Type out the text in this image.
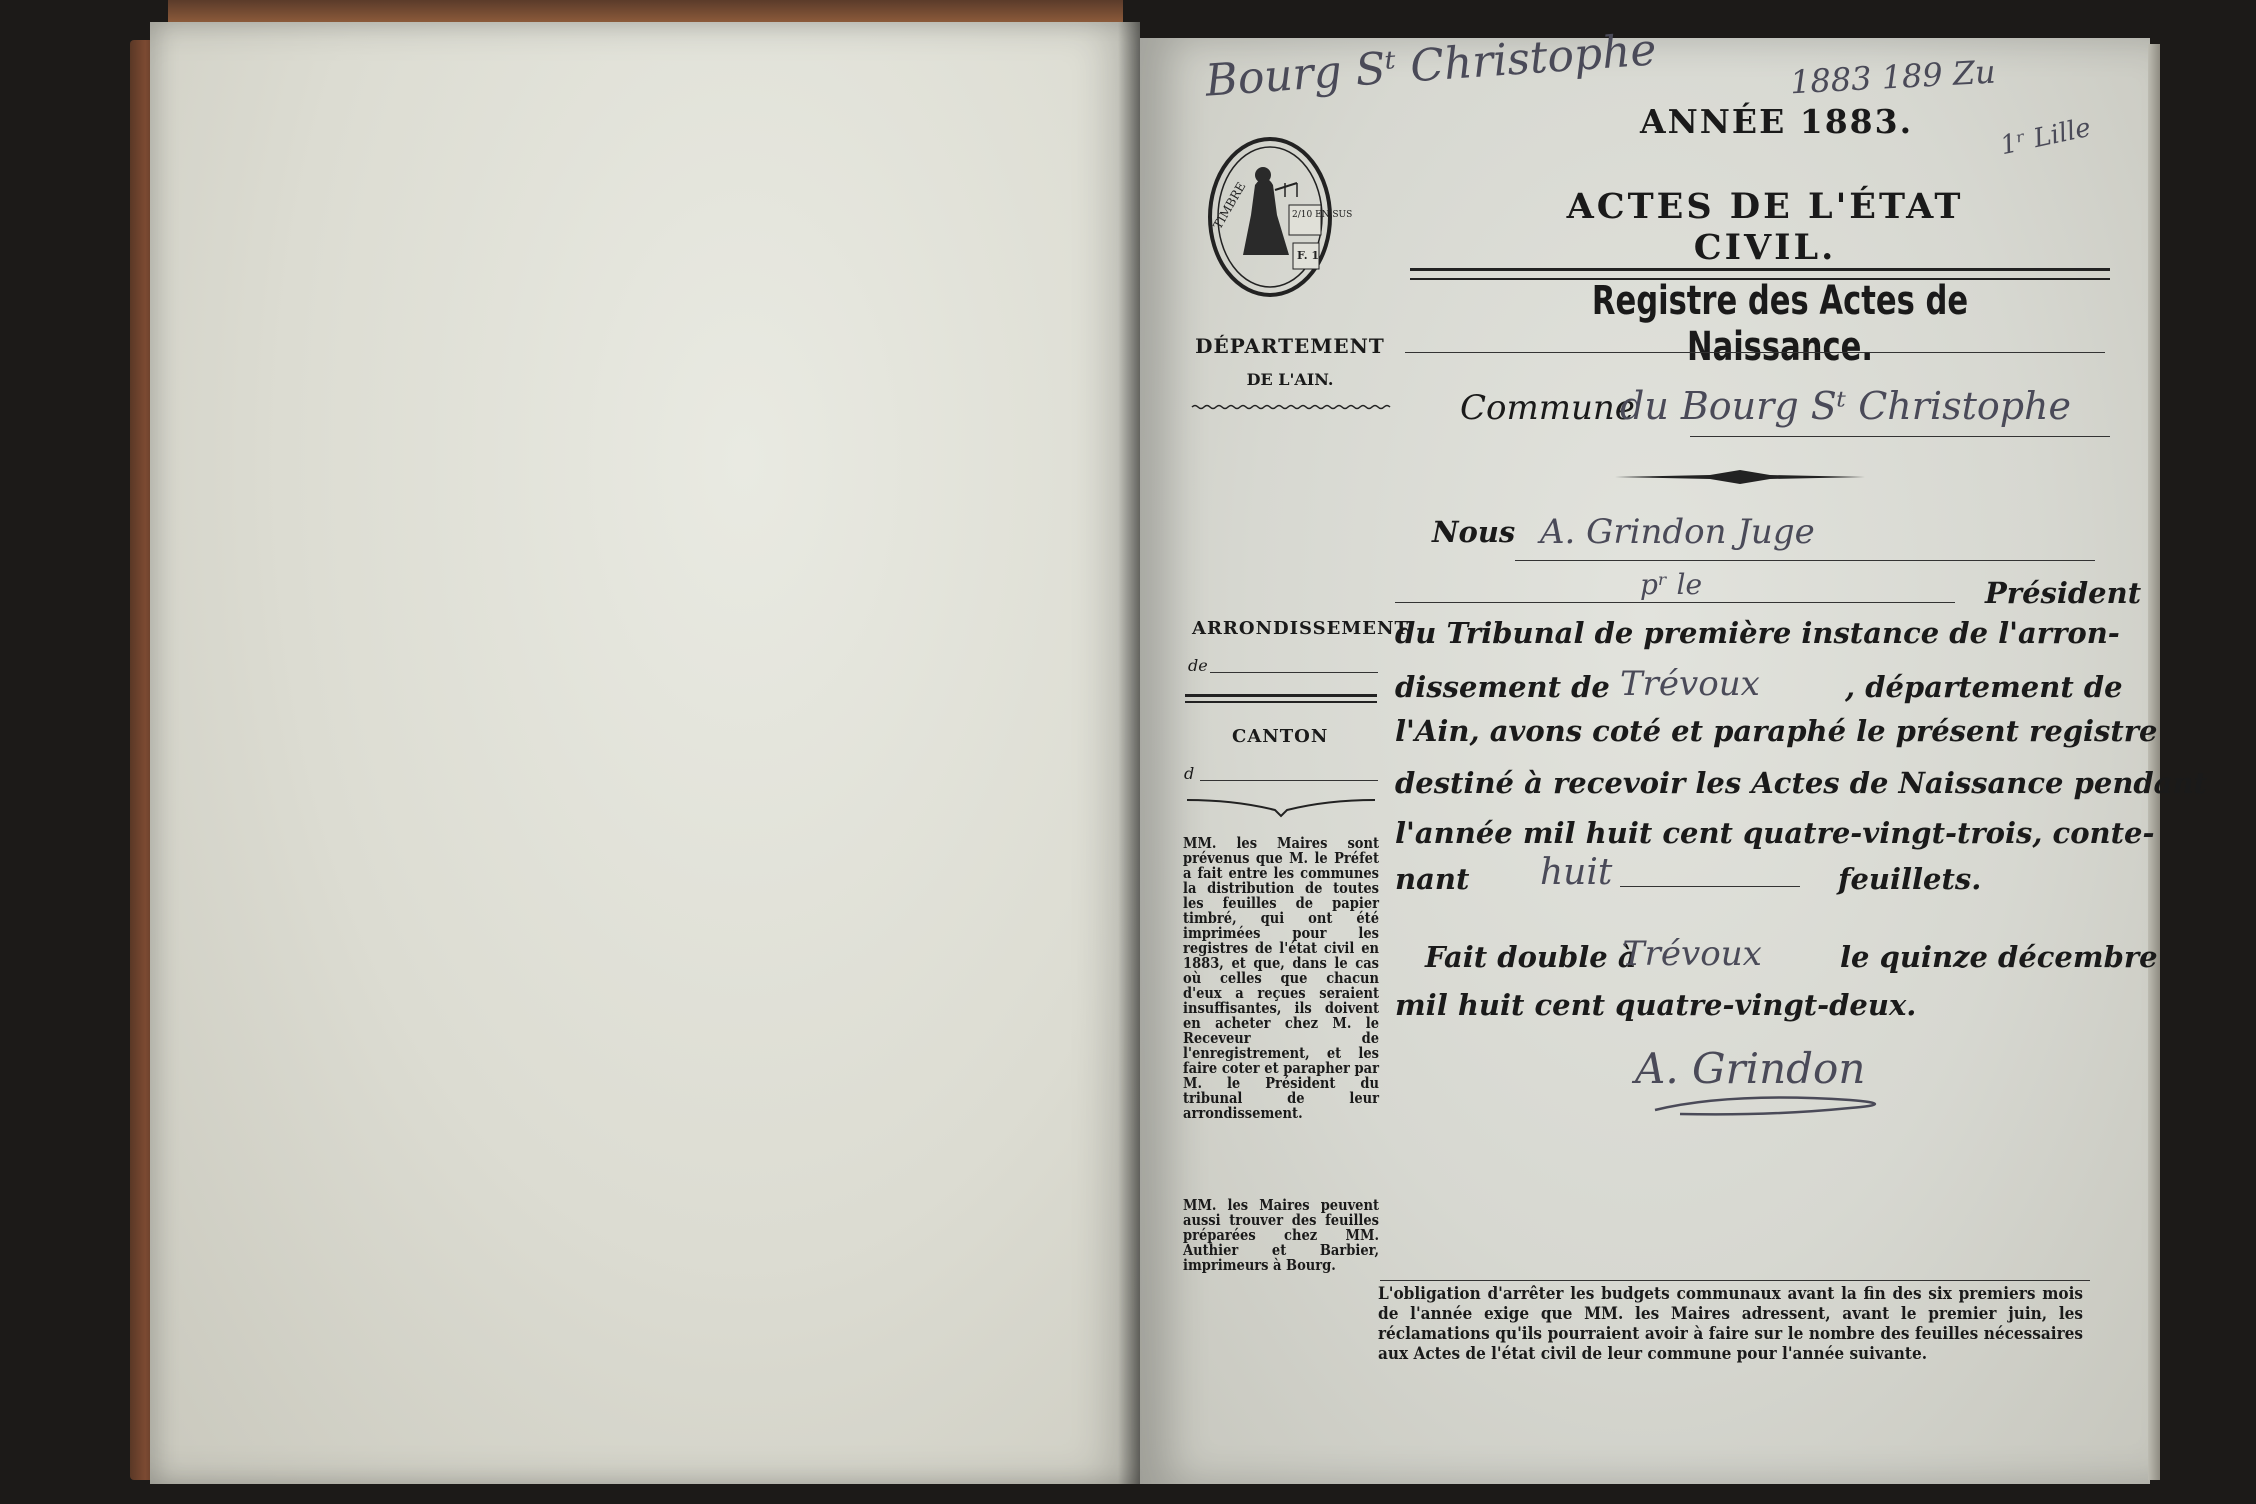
Bourg Sᵗ Christophe	1883 189 Zu
1ʳ Lille
ANNÉE 1883.
ACTES DE L'ÉTAT CIVIL.
Registre des Actes de Naissance.
TIMBRE	2/10 EN SUS
F. 1.
DÉPARTEMENT
DE L'AIN.
Commune
du Bourg Sᵗ Christophe
Nous A. Grindon Juge
pʳ le	Président
du Tribunal de première instance de l'arron-
dissement de Trévoux	, département de
l'Ain, avons coté et paraphé le présent registre
destiné à recevoir les Actes de Naissance pendant
l'année mil huit cent quatre-vingt-trois, conte-
nant huit	feuillets.
Fait double à
Trévoux	le quinze décembre
mil huit cent quatre-vingt-deux.
A. Grindon
ARRONDISSEMENT
de
CANTON
d
MM. les Maires sont prévenus que M. le Préfet a fait entre les communes la distribution de toutes les feuilles de papier timbré, qui ont été imprimées pour les registres de l'état civil en 1883, et que, dans le cas où celles que chacun d'eux a reçues seraient insuffisantes, ils doivent en acheter chez M. le Receveur de l'enregistrement, et les faire coter et parapher par M. le Président du tribunal de leur arrondissement.
MM. les Maires peuvent aussi trouver des feuilles préparées chez MM. Authier et Barbier, imprimeurs à Bourg.
L'obligation d'arrêter les budgets communaux avant la fin des six premiers mois de l'année exige que MM. les Maires adressent, avant le premier juin, les réclamations qu'ils pourraient avoir à faire sur le nombre des feuilles nécessaires aux Actes de l'état civil de leur commune pour l'année suivante.
